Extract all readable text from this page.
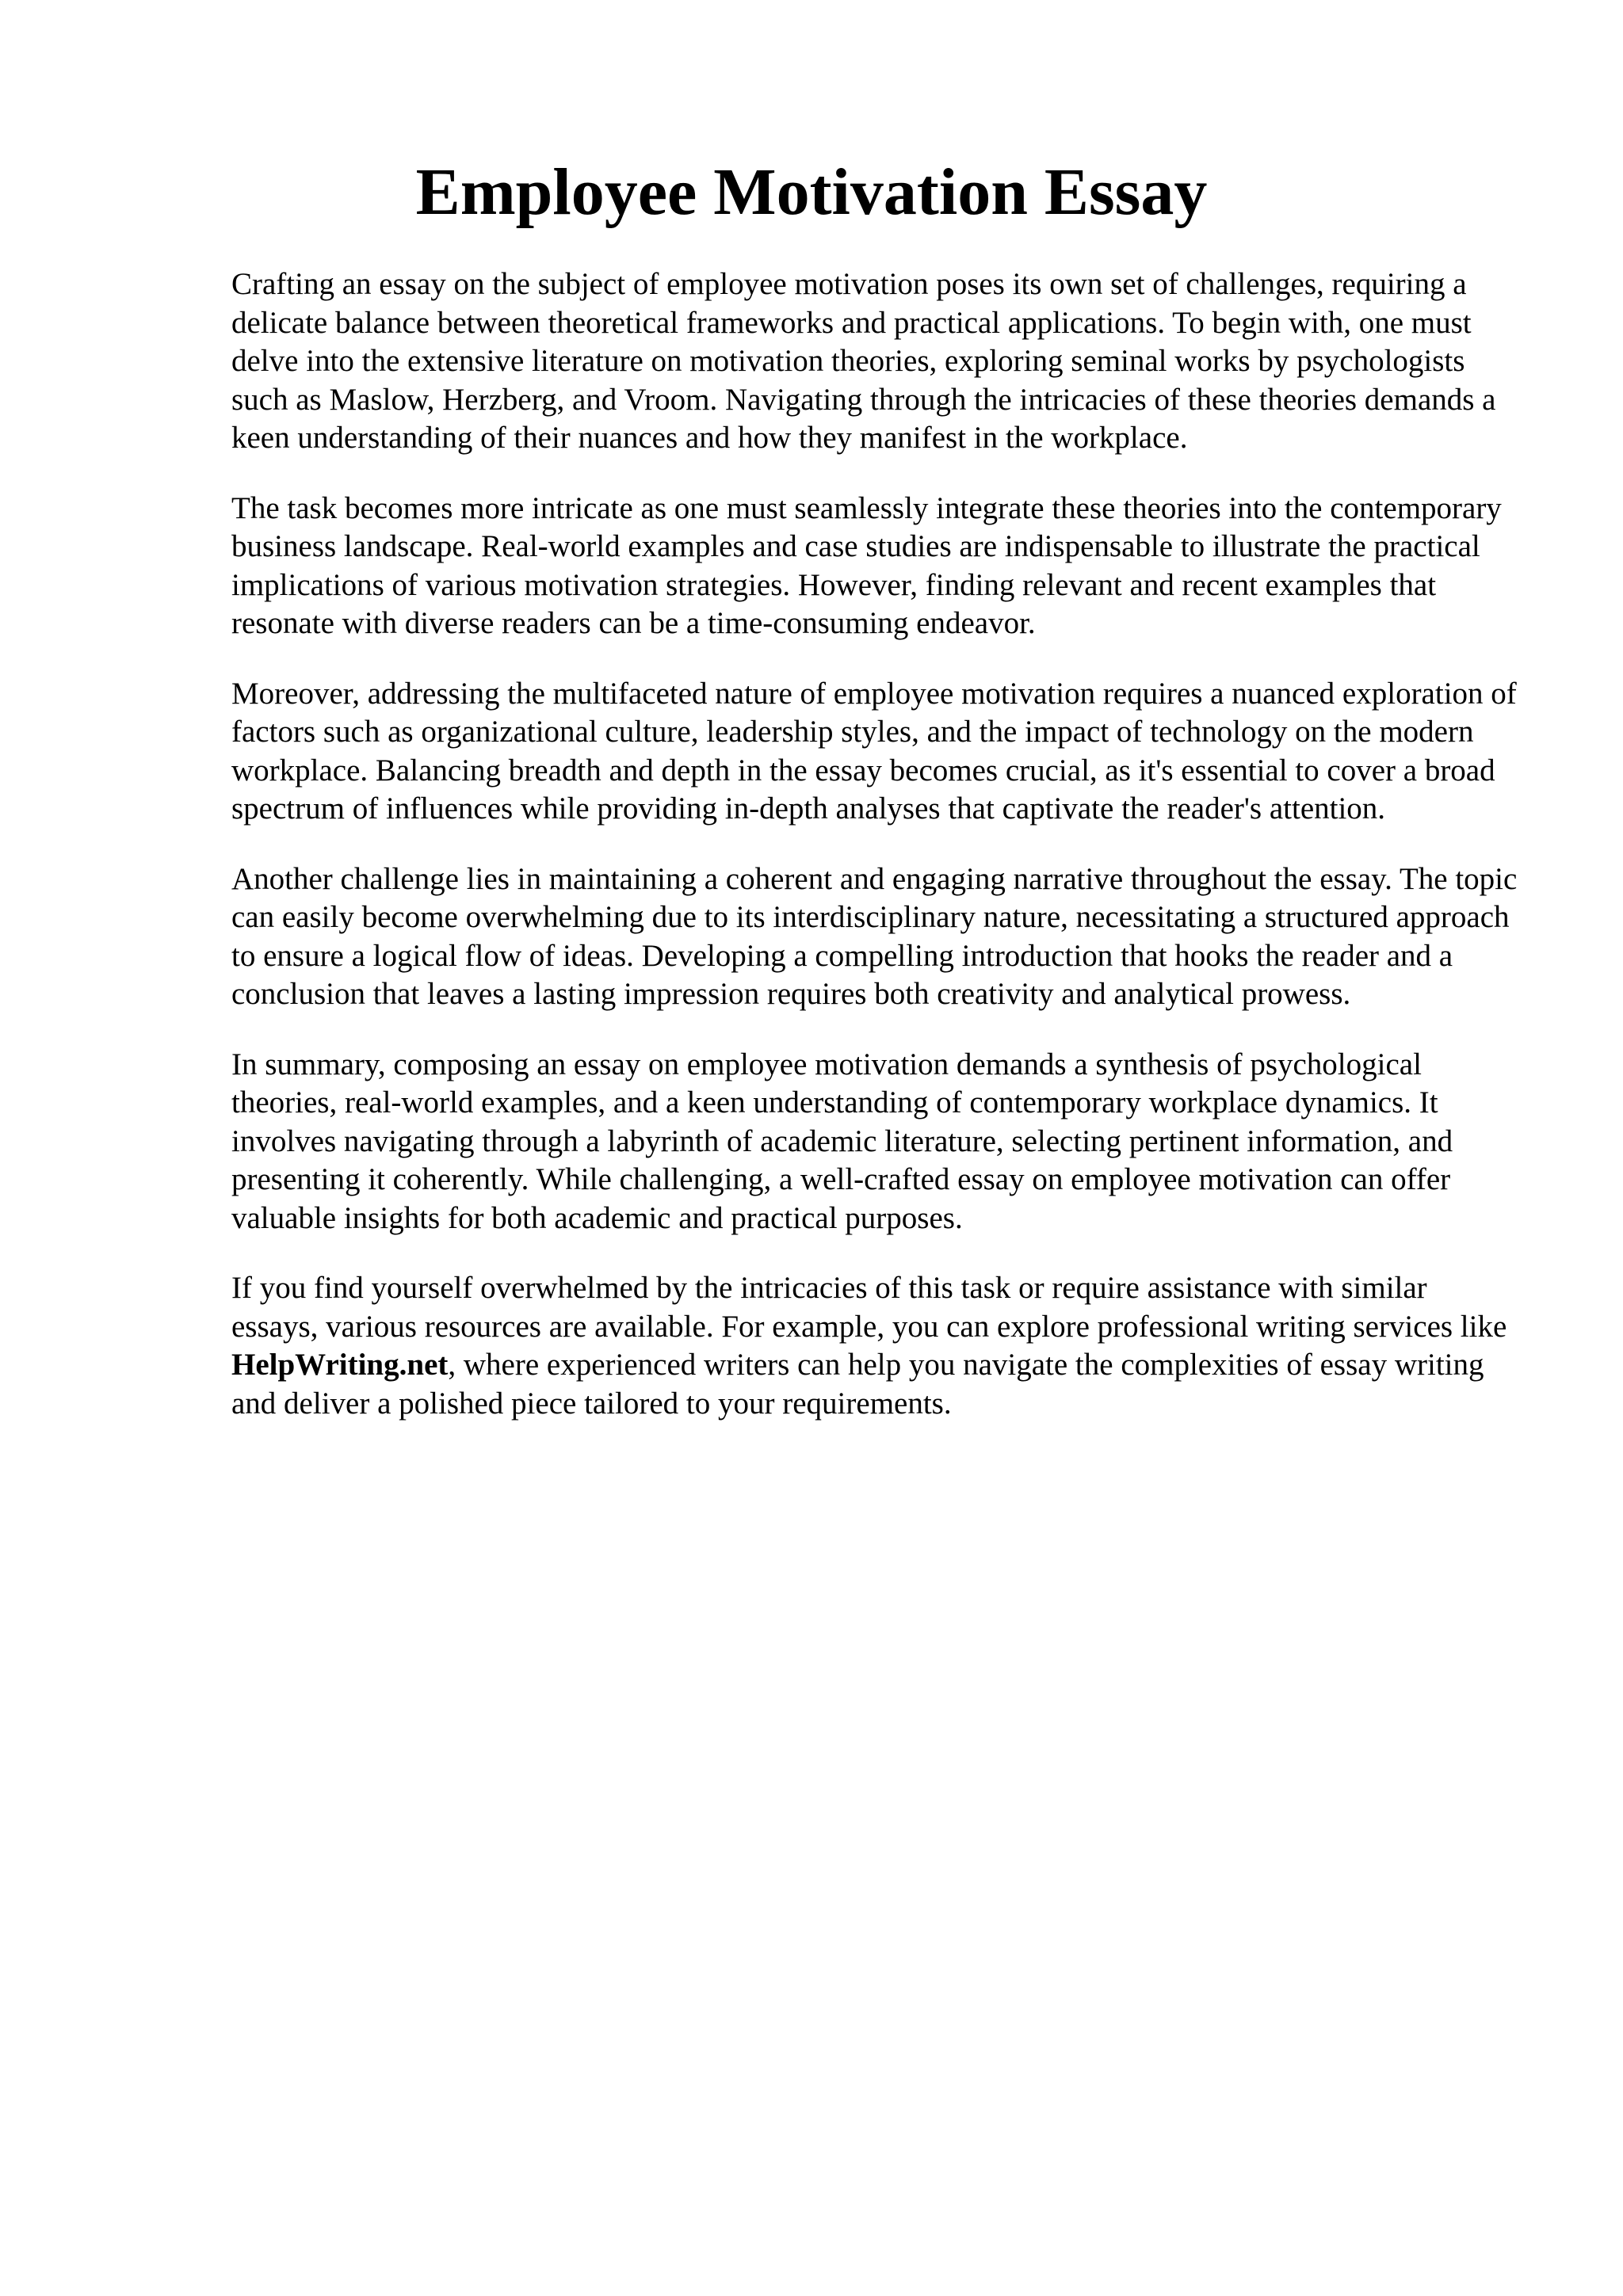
Employee Motivation Essay

Crafting an essay on the subject of employee motivation poses its own set of challenges, requiring a delicate balance between theoretical frameworks and practical applications. To begin with, one must delve into the extensive literature on motivation theories, exploring seminal works by psychologists such as Maslow, Herzberg, and Vroom. Navigating through the intricacies of these theories demands a keen understanding of their nuances and how they manifest in the workplace.

The task becomes more intricate as one must seamlessly integrate these theories into the contemporary business landscape. Real-world examples and case studies are indispensable to illustrate the practical implications of various motivation strategies. However, finding relevant and recent examples that resonate with diverse readers can be a time-consuming endeavor.

Moreover, addressing the multifaceted nature of employee motivation requires a nuanced exploration of factors such as organizational culture, leadership styles, and the impact of technology on the modern workplace. Balancing breadth and depth in the essay becomes crucial, as it's essential to cover a broad spectrum of influences while providing in-depth analyses that captivate the reader's attention.

Another challenge lies in maintaining a coherent and engaging narrative throughout the essay. The topic can easily become overwhelming due to its interdisciplinary nature, necessitating a structured approach to ensure a logical flow of ideas. Developing a compelling introduction that hooks the reader and a conclusion that leaves a lasting impression requires both creativity and analytical prowess.

In summary, composing an essay on employee motivation demands a synthesis of psychological theories, real-world examples, and a keen understanding of contemporary workplace dynamics. It involves navigating through a labyrinth of academic literature, selecting pertinent information, and presenting it coherently. While challenging, a well-crafted essay on employee motivation can offer valuable insights for both academic and practical purposes.

If you find yourself overwhelmed by the intricacies of this task or require assistance with similar essays, various resources are available. For example, you can explore professional writing services like HelpWriting.net, where experienced writers can help you navigate the complexities of essay writing and deliver a polished piece tailored to your requirements.
